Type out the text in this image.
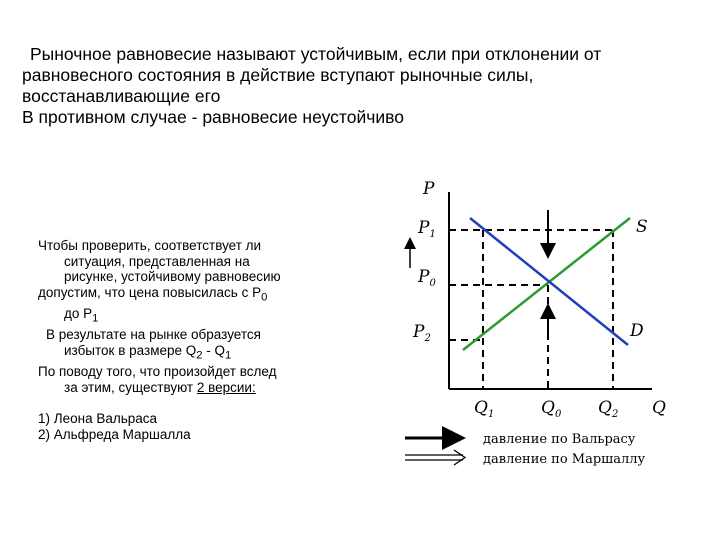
Рыночное равновесие называют устойчивым, если при отклонении от

равновесного состояния в действие вступают рыночные силы,

восстанавливающие его

В противном случае - равновесие неустойчиво

Чтобы проверить, соответствует ли

ситуация, представленная на

рисунке, устойчивому равновесию

допустим, что цена повысилась с $P_0$

до $P_1$

В результате на рынке образуется

избыток в размере $Q_2 - Q_1$

По поводу того, что произойдет вслед

за этим, существуют 2 версии:

1) Леона Вальраса

2) Альфреда Маршалла

P
Q
$P_1$
$P_0$
$P_2$
$Q_1$	$Q_0$ $Q_2$
S
D
давление по Вальрасу
давление по Маршаллу
